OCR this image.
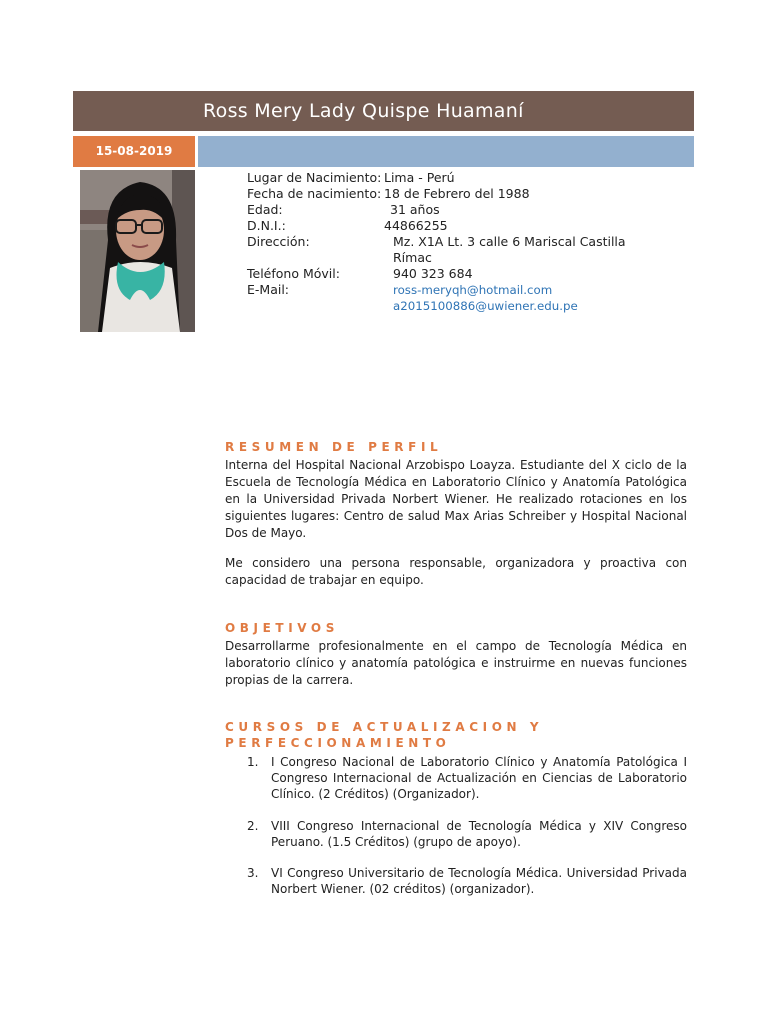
Ross Mery Lady Quispe Huamaní
15-08-2019
Lugar de Nacimiento: Lima - Perú
Fecha de nacimiento: 18 de Febrero del 1988
Edad:	31 años
D.N.I.:	44866255
Dirección:	Mz. X1A Lt. 3 calle 6 Mariscal Castilla
Rímac
Teléfono Móvil:	940 323 684
E-Mail:	ross-meryqh@hotmail.com
a2015100886@uwiener.edu.pe
RESUMEN DE PERFIL
Interna del Hospital Nacional Arzobispo Loayza. Estudiante del X ciclo de la Escuela de Tecnología Médica en Laboratorio Clínico y Anatomía Patológica en la Universidad Privada Norbert Wiener. He realizado rotaciones en los siguientes lugares: Centro de salud Max Arias Schreiber y Hospital Nacional Dos de Mayo.
Me considero una persona responsable, organizadora y proactiva con capacidad de trabajar en equipo.
OBJETIVOS
Desarrollarme profesionalmente en el campo de Tecnología Médica en laboratorio clínico y anatomía patológica e instruirme en nuevas funciones propias de la carrera.
CURSOS DE ACTUALIZACION Y
PERFECCIONAMIENTO
1. I Congreso Nacional de Laboratorio Clínico y Anatomía Patológica I Congreso Internacional de Actualización en Ciencias de Laboratorio Clínico. (2 Créditos) (Organizador).
2. VIII Congreso Internacional de Tecnología Médica y XIV Congreso Peruano. (1.5 Créditos) (grupo de apoyo).
3. VI Congreso Universitario de Tecnología Médica. Universidad Privada Norbert Wiener. (02 créditos) (organizador).
